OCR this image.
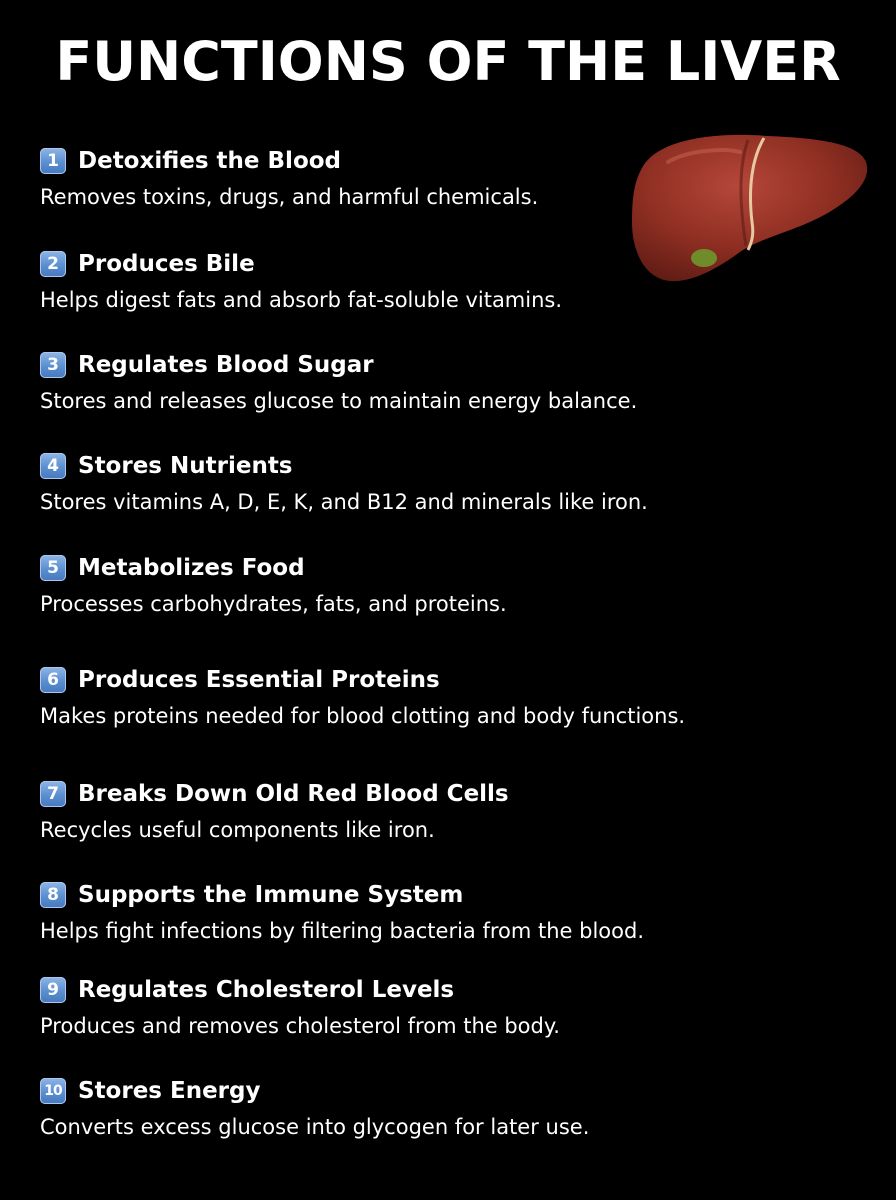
FUNCTIONS OF THE LIVER
1 Detoxifies the Blood
Removes toxins, drugs, and harmful chemicals.
2 Produces Bile
Helps digest fats and absorb fat-soluble vitamins.
3 Regulates Blood Sugar
Stores and releases glucose to maintain energy balance.
4 Stores Nutrients
Stores vitamins A, D, E, K, and B12 and minerals like iron.
5 Metabolizes Food
Processes carbohydrates, fats, and proteins.
6 Produces Essential Proteins
Makes proteins needed for blood clotting and body functions.
7 Breaks Down Old Red Blood Cells
Recycles useful components like iron.
8 Supports the Immune System
Helps fight infections by filtering bacteria from the blood.
9 Regulates Cholesterol Levels
Produces and removes cholesterol from the body.
10 Stores Energy
Converts excess glucose into glycogen for later use.
